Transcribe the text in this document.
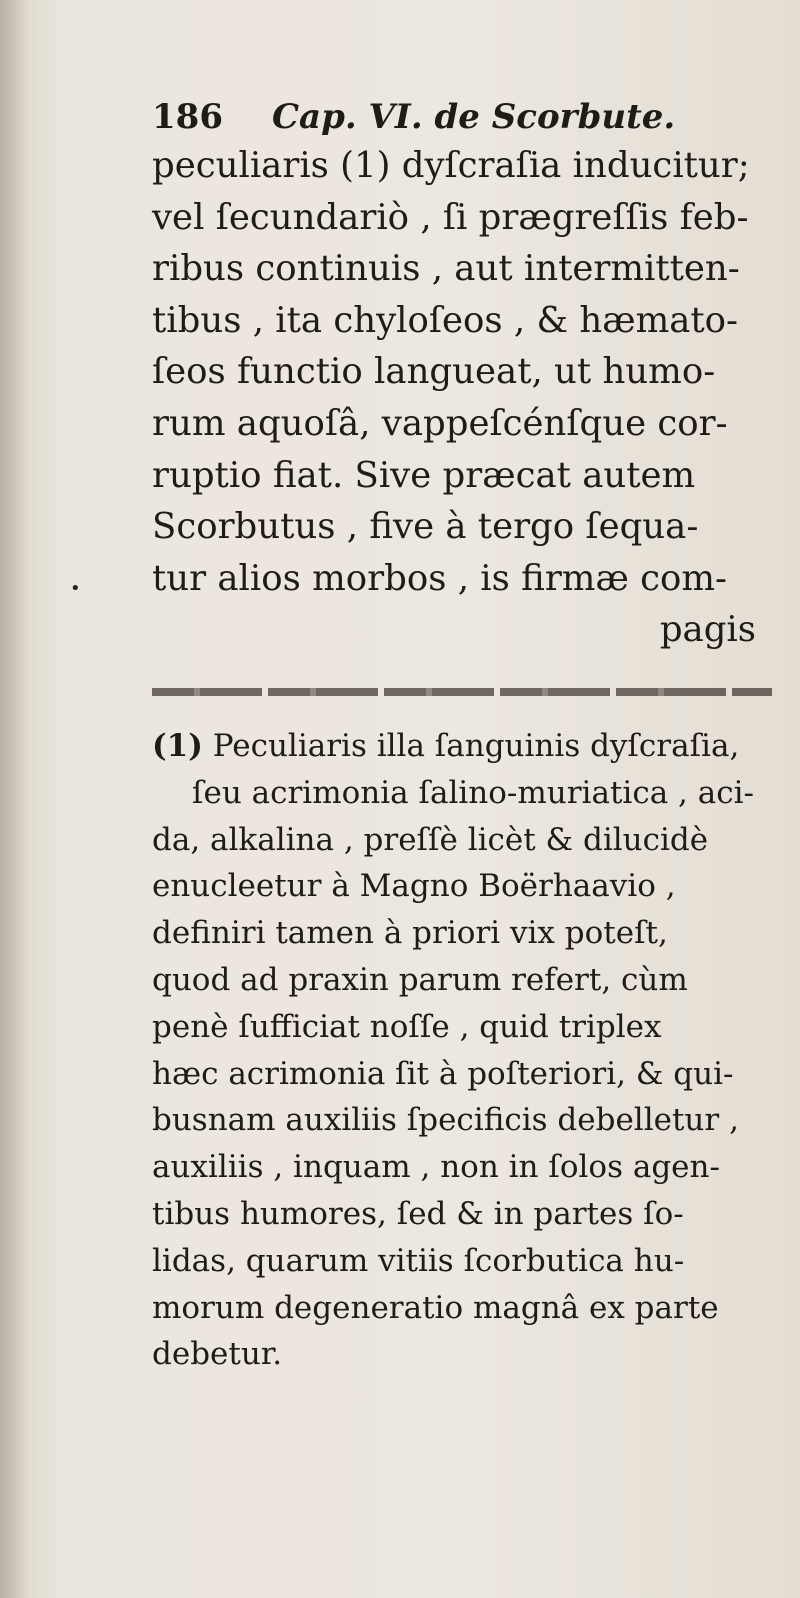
•
186 Cap. VI. de Scorbute.
peculiaris (1) dyſcraſia inducitur;
vel ſecundariò , ſi prægreſſis feb-
ribus continuis , aut intermitten-
tibus , ita chyloſeos , & hæmato-
ſeos functio langueat, ut humo-
rum aquoſâ, vappeſcénſque cor-
ruptio fiat. Sive præcat autem
Scorbutus , five à tergo ſequa-
tur alios morbos , is firmæ com-
pagis
(1) Peculiaris illa ſanguinis dyſcraſia,
ſeu acrimonia ſalino-muriatica , aci-
da, alkalina , preſſè licèt & dilucidè
enucleetur à Magno Boërhaavio ,
definiri tamen à priori vix poteſt,
quod ad praxin parum refert, cùm
penè ſufficiat noſſe , quid triplex
hæc acrimonia ſit à poſteriori, & qui-
busnam auxiliis ſpecificis debelletur ,
auxiliis , inquam , non in ſolos agen-
tibus humores, ſed & in partes ſo-
lidas, quarum vitiis ſcorbutica hu-
morum degeneratio magnâ ex parte
debetur.
